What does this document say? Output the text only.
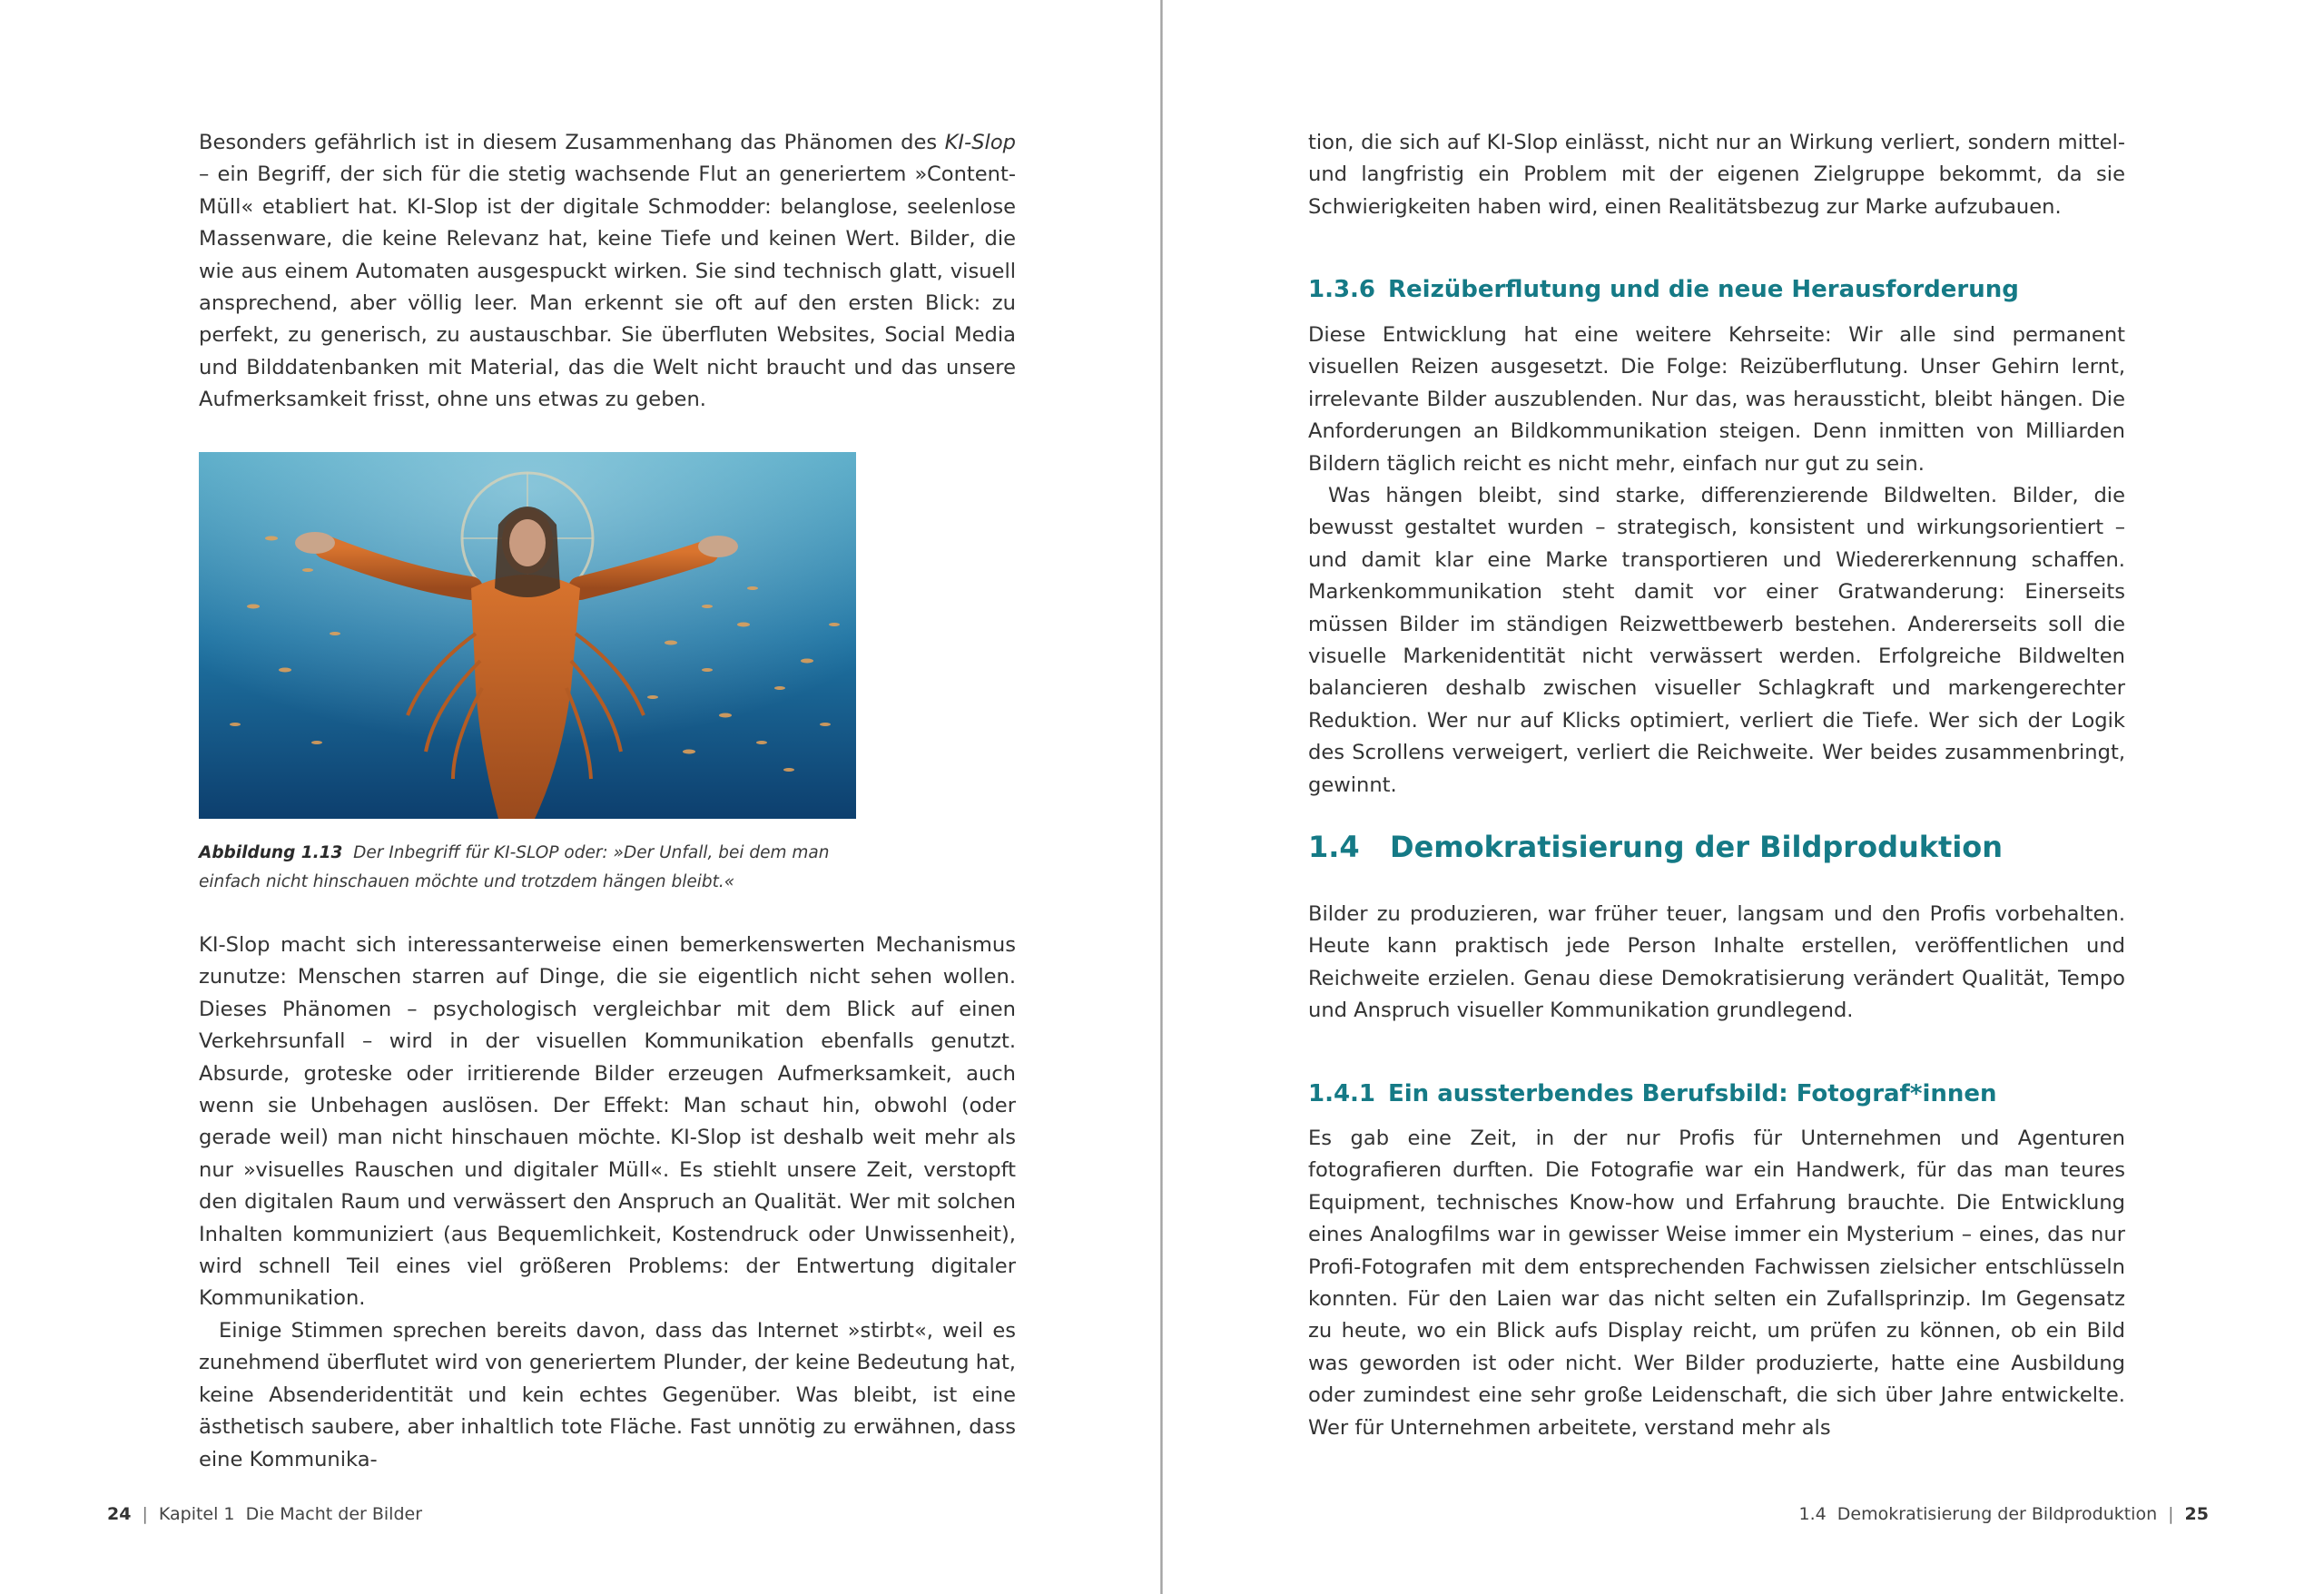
Besonders gefährlich ist in diesem Zusammenhang das Phänomen des KI-Slop – ein Begriff, der sich für die stetig wachsende Flut an generiertem »Content-Müll« etabliert hat. KI-Slop ist der digitale Schmodder: belanglose, seelenlose Massenware, die keine Relevanz hat, keine Tiefe und keinen Wert. Bilder, die wie aus einem Automaten ausgespuckt wirken. Sie sind technisch glatt, visuell ansprechend, aber völlig leer. Man erkennt sie oft auf den ersten Blick: zu perfekt, zu generisch, zu austauschbar. Sie überfluten Websites, Social Media und Bilddatenbanken mit Material, das die Welt nicht braucht und das unsere Aufmerksamkeit frisst, ohne uns etwas zu geben.

Abbildung 1.13 Der Inbegriff für KI-SLOP oder: »Der Unfall, bei dem man einfach nicht hinschauen möchte und trotzdem hängen bleibt.«

KI-Slop macht sich interessanterweise einen bemerkenswerten Mechanismus zunutze: Menschen starren auf Dinge, die sie eigentlich nicht sehen wollen. Dieses Phänomen – psychologisch vergleichbar mit dem Blick auf einen Verkehrsunfall – wird in der visuellen Kommunikation ebenfalls genutzt. Absurde, groteske oder irritierende Bilder erzeugen Aufmerksamkeit, auch wenn sie Unbehagen auslösen. Der Effekt: Man schaut hin, obwohl (oder gerade weil) man nicht hinschauen möchte. KI-Slop ist deshalb weit mehr als nur »visuelles Rauschen und digitaler Müll«. Es stiehlt unsere Zeit, verstopft den digitalen Raum und verwässert den Anspruch an Qualität. Wer mit solchen Inhalten kommuniziert (aus Bequemlichkeit, Kostendruck oder Unwissenheit), wird schnell Teil eines viel größeren Problems: der Entwertung digitaler Kommunikation.

Einige Stimmen sprechen bereits davon, dass das Internet »stirbt«, weil es zunehmend überflutet wird von generiertem Plunder, der keine Bedeutung hat, keine Absenderidentität und kein echtes Gegenüber. Was bleibt, ist eine ästhetisch saubere, aber inhaltlich tote Fläche. Fast unnötig zu erwähnen, dass eine Kommunika-

24 | Kapitel 1 Die Macht der Bilder

tion, die sich auf KI-Slop einlässt, nicht nur an Wirkung verliert, sondern mittel- und langfristig ein Problem mit der eigenen Zielgruppe bekommt, da sie Schwierigkeiten haben wird, einen Realitätsbezug zur Marke aufzubauen.

1.3.6 Reizüberflutung und die neue Herausforderung

Diese Entwicklung hat eine weitere Kehrseite: Wir alle sind permanent visuellen Reizen ausgesetzt. Die Folge: Reizüberflutung. Unser Gehirn lernt, irrelevante Bilder auszublenden. Nur das, was heraussticht, bleibt hängen. Die Anforderungen an Bildkommunikation steigen. Denn inmitten von Milliarden Bildern täglich reicht es nicht mehr, einfach nur gut zu sein.

Was hängen bleibt, sind starke, differenzierende Bildwelten. Bilder, die bewusst gestaltet wurden – strategisch, konsistent und wirkungsorientiert – und damit klar eine Marke transportieren und Wiedererkennung schaffen. Markenkommunikation steht damit vor einer Gratwanderung: Einerseits müssen Bilder im ständigen Reizwettbewerb bestehen. Andererseits soll die visuelle Markenidentität nicht verwässert werden. Erfolgreiche Bildwelten balancieren deshalb zwischen visueller Schlagkraft und markengerechter Reduktion. Wer nur auf Klicks optimiert, verliert die Tiefe. Wer sich der Logik des Scrollens verweigert, verliert die Reichweite. Wer beides zusammenbringt, gewinnt.

1.4 Demokratisierung der Bildproduktion

Bilder zu produzieren, war früher teuer, langsam und den Profis vorbehalten. Heute kann praktisch jede Person Inhalte erstellen, veröffentlichen und Reichweite erzielen. Genau diese Demokratisierung verändert Qualität, Tempo und Anspruch visueller Kommunikation grundlegend.

1.4.1 Ein aussterbendes Berufsbild: Fotograf*innen

Es gab eine Zeit, in der nur Profis für Unternehmen und Agenturen fotografieren durften. Die Fotografie war ein Handwerk, für das man teures Equipment, technisches Know-how und Erfahrung brauchte. Die Entwicklung eines Analogfilms war in gewisser Weise immer ein Mysterium – eines, das nur Profi-Fotografen mit dem entsprechenden Fachwissen zielsicher entschlüsseln konnten. Für den Laien war das nicht selten ein Zufallsprinzip. Im Gegensatz zu heute, wo ein Blick aufs Display reicht, um prüfen zu können, ob ein Bild was geworden ist oder nicht. Wer Bilder produzierte, hatte eine Ausbildung oder zumindest eine sehr große Leidenschaft, die sich über Jahre entwickelte. Wer für Unternehmen arbeitete, verstand mehr als

1.4 Demokratisierung der Bildproduktion | 25
